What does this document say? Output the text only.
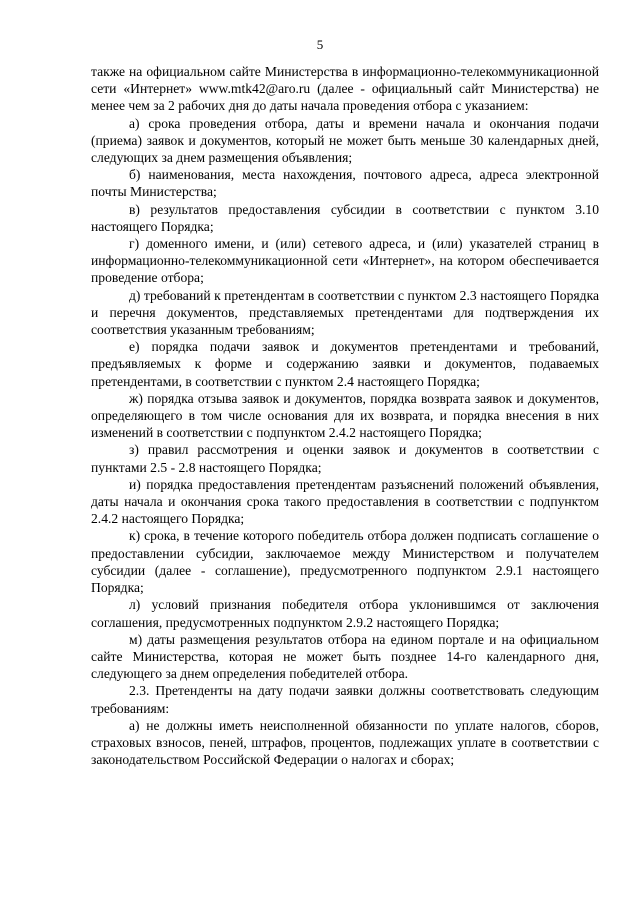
5

также на официальном сайте Министерства в информационно-телекоммуникационной сети «Интернет» www.mtk42@aro.ru (далее - официальный сайт Министерства) не менее чем за 2 рабочих дня до даты начала проведения отбора с указанием:

а) срока проведения отбора, даты и времени начала и окончания подачи (приема) заявок и документов, который не может быть меньше 30 календарных дней, следующих за днем размещения объявления;

б) наименования, места нахождения, почтового адреса, адреса электронной почты Министерства;

в) результатов предоставления субсидии в соответствии с пунктом 3.10 настоящего Порядка;

г) доменного имени, и (или) сетевого адреса, и (или) указателей страниц в информационно-телекоммуникационной сети «Интернет», на котором обеспечивается проведение отбора;

д) требований к претендентам в соответствии с пунктом 2.3 настоящего Порядка и перечня документов, представляемых претендентами для подтверждения их соответствия указанным требованиям;

е) порядка подачи заявок и документов претендентами и требований, предъявляемых к форме и содержанию заявки и документов, подаваемых претендентами, в соответствии с пунктом 2.4 настоящего Порядка;

ж) порядка отзыва заявок и документов, порядка возврата заявок и документов, определяющего в том числе основания для их возврата, и порядка внесения в них изменений в соответствии с подпунктом 2.4.2 настоящего Порядка;

з) правил рассмотрения и оценки заявок и документов в соответствии с пунктами 2.5 - 2.8 настоящего Порядка;

и) порядка предоставления претендентам разъяснений положений объявления, даты начала и окончания срока такого предоставления в соответствии с подпунктом 2.4.2 настоящего Порядка;

к) срока, в течение которого победитель отбора должен подписать соглашение о предоставлении субсидии, заключаемое между Министерством и получателем субсидии (далее - соглашение), предусмотренного подпунктом 2.9.1 настоящего Порядка;

л) условий признания победителя отбора уклонившимся от заключения соглашения, предусмотренных подпунктом 2.9.2 настоящего Порядка;

м) даты размещения результатов отбора на едином портале и на официальном сайте Министерства, которая не может быть позднее 14-го календарного дня, следующего за днем определения победителей отбора.

2.3. Претенденты на дату подачи заявки должны соответствовать следующим требованиям:

а) не должны иметь неисполненной обязанности по уплате налогов, сборов, страховых взносов, пеней, штрафов, процентов, подлежащих уплате в соответствии с законодательством Российской Федерации о налогах и сборах;
